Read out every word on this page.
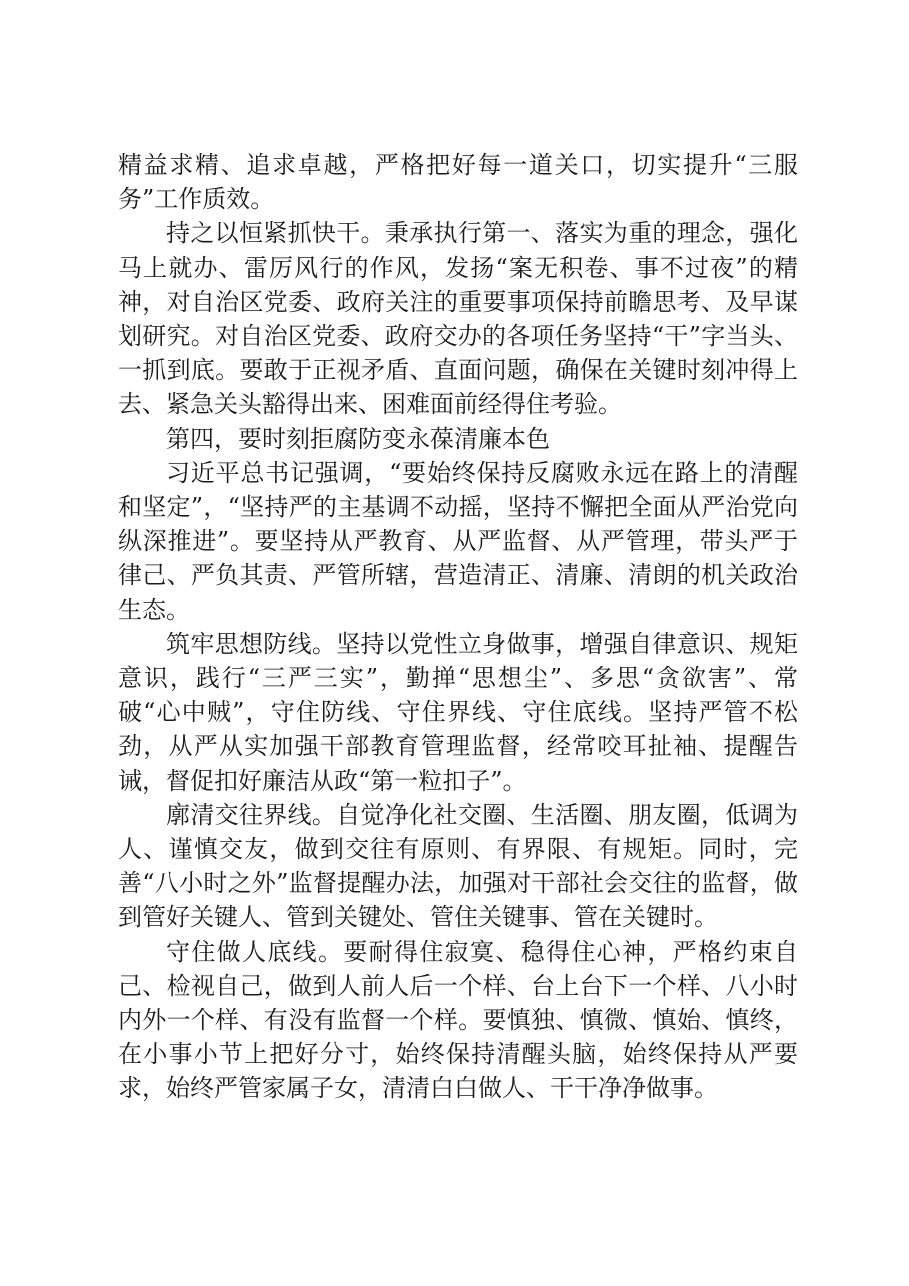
精益求精、追求卓越，严格把好每一道关口，切实提升“三服务”工作质效。

持之以恒紧抓快干。秉承执行第一、落实为重的理念，强化马上就办、雷厉风行的作风，发扬“案无积卷、事不过夜”的精神，对自治区党委、政府关注的重要事项保持前瞻思考、及早谋划研究。对自治区党委、政府交办的各项任务坚持“干”字当头、一抓到底。要敢于正视矛盾、直面问题，确保在关键时刻冲得上去、紧急关头豁得出来、困难面前经得住考验。

第四，要时刻拒腐防变永葆清廉本色

习近平总书记强调，“要始终保持反腐败永远在路上的清醒和坚定”，“坚持严的主基调不动摇，坚持不懈把全面从严治党向纵深推进”。要坚持从严教育、从严监督、从严管理，带头严于律己、严负其责、严管所辖，营造清正、清廉、清朗的机关政治生态。

筑牢思想防线。坚持以党性立身做事，增强自律意识、规矩意识，践行“三严三实”，勤掸“思想尘”、多思“贪欲害”、常破“心中贼”，守住防线、守住界线、守住底线。坚持严管不松劲，从严从实加强干部教育管理监督，经常咬耳扯袖、提醒告诫，督促扣好廉洁从政“第一粒扣子”。

廓清交往界线。自觉净化社交圈、生活圈、朋友圈，低调为人、谨慎交友，做到交往有原则、有界限、有规矩。同时，完善“八小时之外”监督提醒办法，加强对干部社会交往的监督，做到管好关键人、管到关键处、管住关键事、管在关键时。

守住做人底线。要耐得住寂寞、稳得住心神，严格约束自己、检视自己，做到人前人后一个样、台上台下一个样、八小时内外一个样、有没有监督一个样。要慎独、慎微、慎始、慎终，在小事小节上把好分寸，始终保持清醒头脑，始终保持从严要求，始终严管家属子女，清清白白做人、干干净净做事。
